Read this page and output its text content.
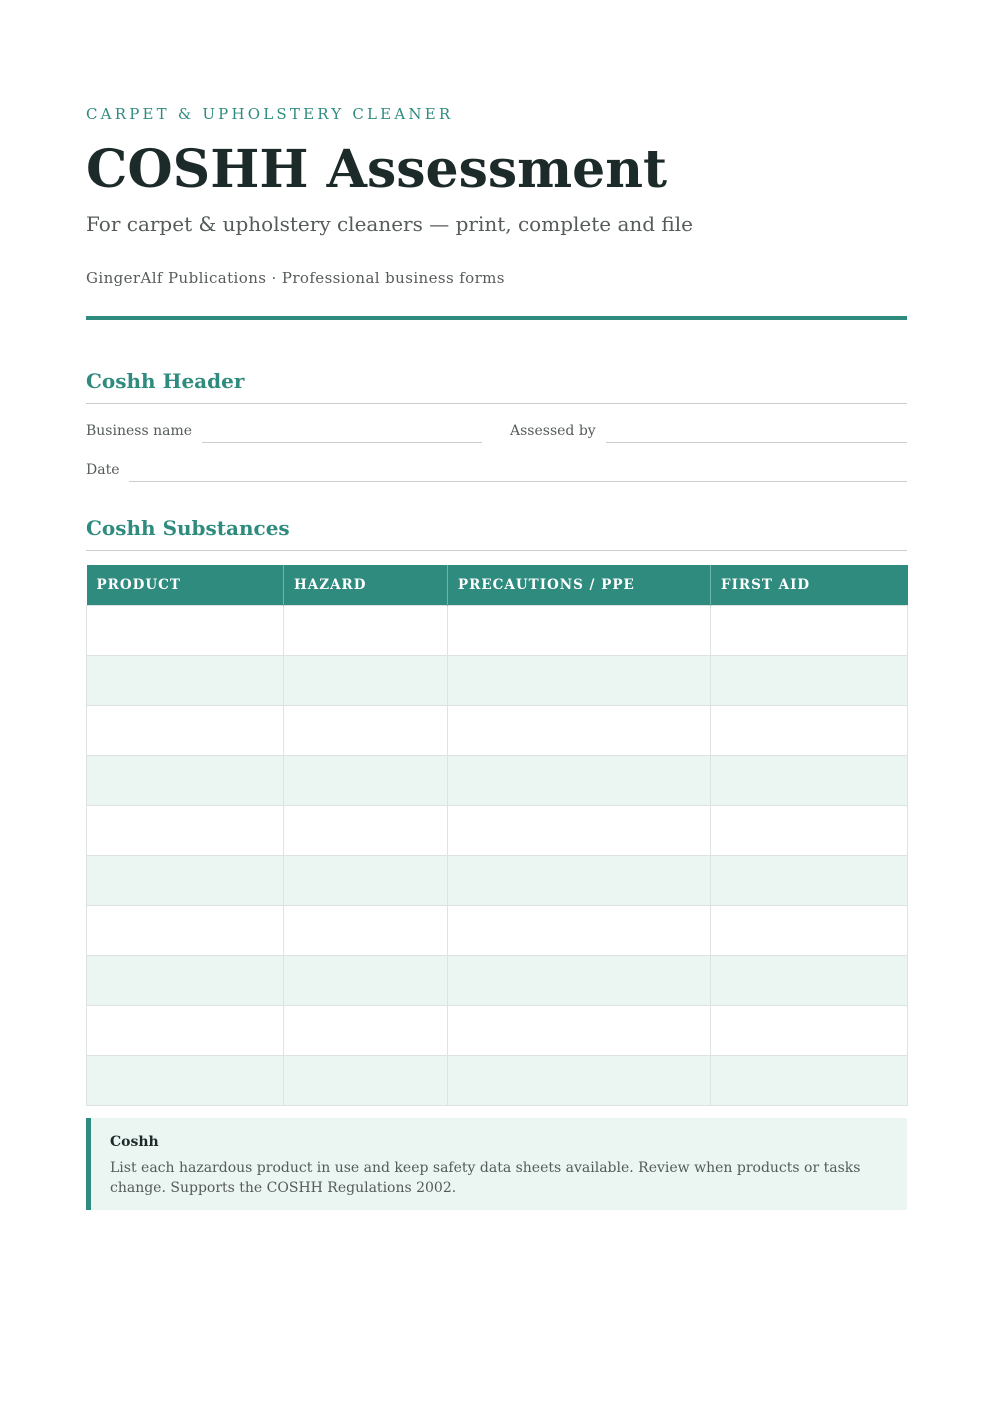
CARPET & UPHOLSTERY CLEANER
COSHH Assessment
For carpet & upholstery cleaners — print, complete and file
GingerAlf Publications · Professional business forms
Coshh Header
Business name	Assessed by
Date
Coshh Substances
PRODUCT	HAZARD	PRECAUTIONS / PPE	FIRST AID

Coshh
List each hazardous product in use and keep safety data sheets available. Review when products or tasks change. Supports the COSHH Regulations 2002.
